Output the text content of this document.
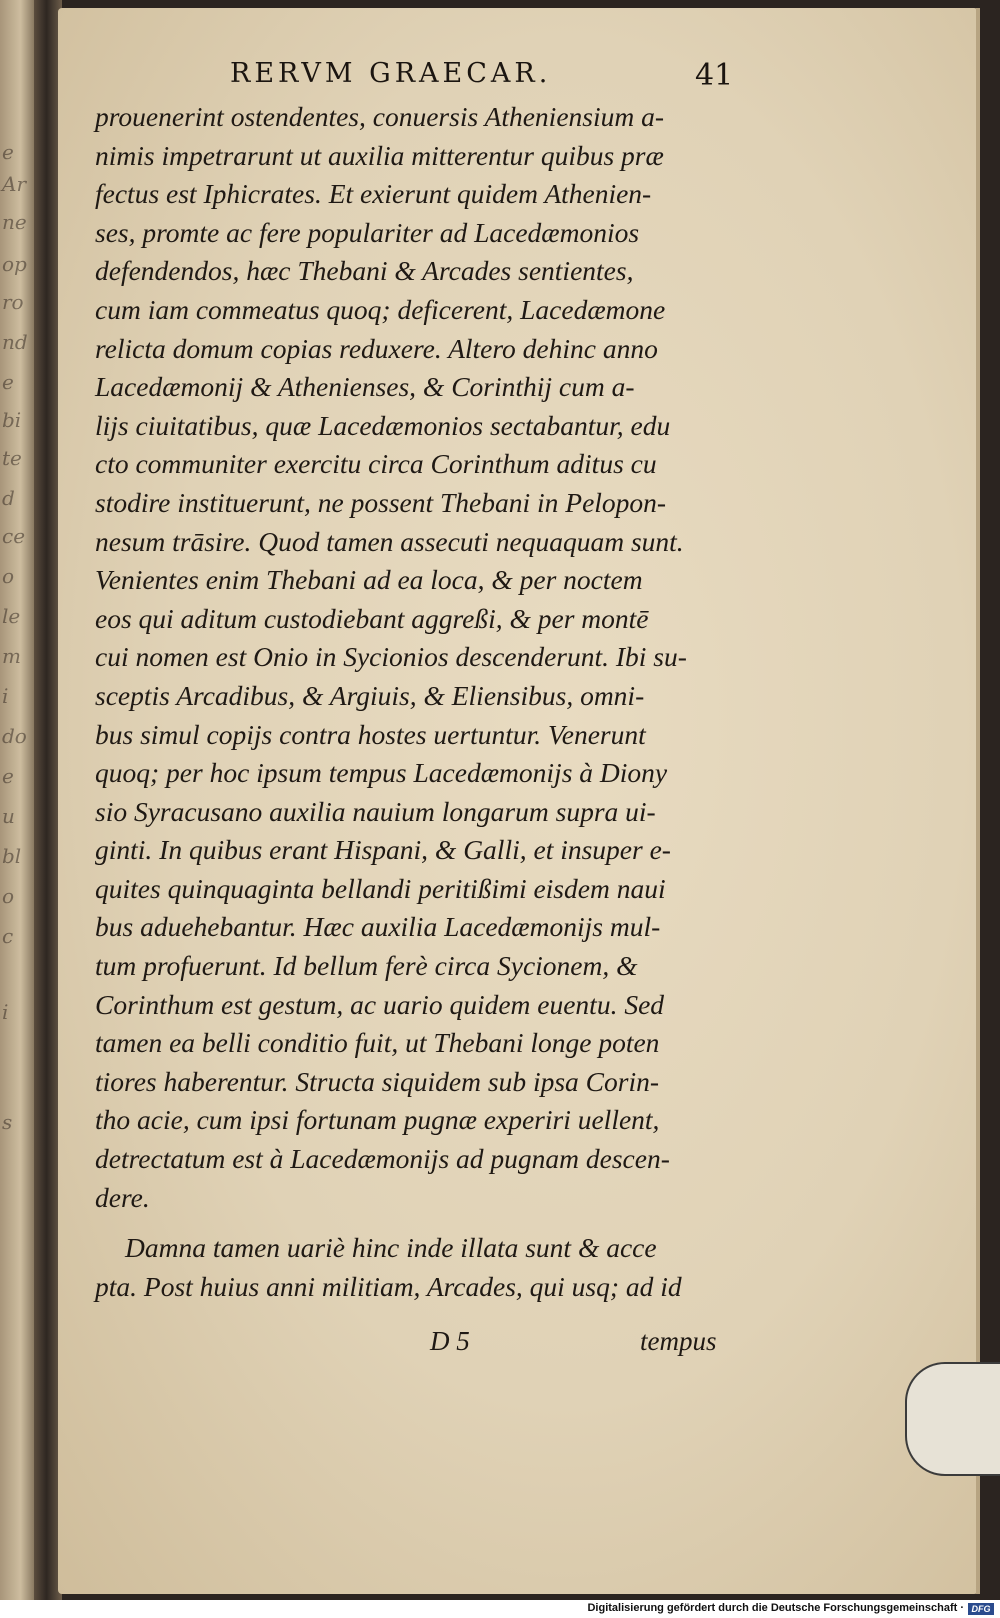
e
Ar
ne
op
ro
nd
e
bi
te
d
ce
o
le
m
i
do
e
u
bl
o
c
i
s
RERVM GRAECAR.	41
prouenerint ostendentes, conuersis Atheniensium a-
nimis impetrarunt ut auxilia mitterentur quibus præ
fectus est Iphicrates. Et exierunt quidem Athenien-
ses, promte ac fere populariter ad Lacedæmonios
defendendos, hæc Thebani & Arcades sentientes,
cum iam commeatus quoq; deficerent, Lacedæmone
relicta domum copias reduxere. Altero dehinc anno
Lacedæmonij & Athenienses, & Corinthij cum a-
lijs ciuitatibus, quæ Lacedæmonios sectabantur, edu
cto communiter exercitu circa Corinthum aditus cu
stodire instituerunt, ne possent Thebani in Pelopon-
nesum trāsire. Quod tamen assecuti nequaquam sunt.
Venientes enim Thebani ad ea loca, & per noctem
eos qui aditum custodiebant aggreßi, & per montē
cui nomen est Onio in Sycionios descenderunt. Ibi su-
sceptis Arcadibus, & Argiuis, & Eliensibus, omni-
bus simul copijs contra hostes uertuntur. Venerunt
quoq; per hoc ipsum tempus Lacedæmonijs à Diony
sio Syracusano auxilia nauium longarum supra ui-
ginti. In quibus erant Hispani, & Galli, et insuper e-
quites quinquaginta bellandi peritißimi eisdem naui
bus aduehebantur. Hæc auxilia Lacedæmonijs mul-
tum profuerunt. Id bellum ferè circa Sycionem, &
Corinthum est gestum, ac uario quidem euentu. Sed
tamen ea belli conditio fuit, ut Thebani longe poten
tiores haberentur. Structa siquidem sub ipsa Corin-
tho acie, cum ipsi fortunam pugnæ experiri uellent,
detrectatum est à Lacedæmonijs ad pugnam descen-
dere.
Damna tamen uariè hinc inde illata sunt & acce
pta. Post huius anni militiam, Arcades, qui usq; ad id
D 5	tempus
Digitalisierung gefördert durch die Deutsche Forschungsgemeinschaft · DFG
